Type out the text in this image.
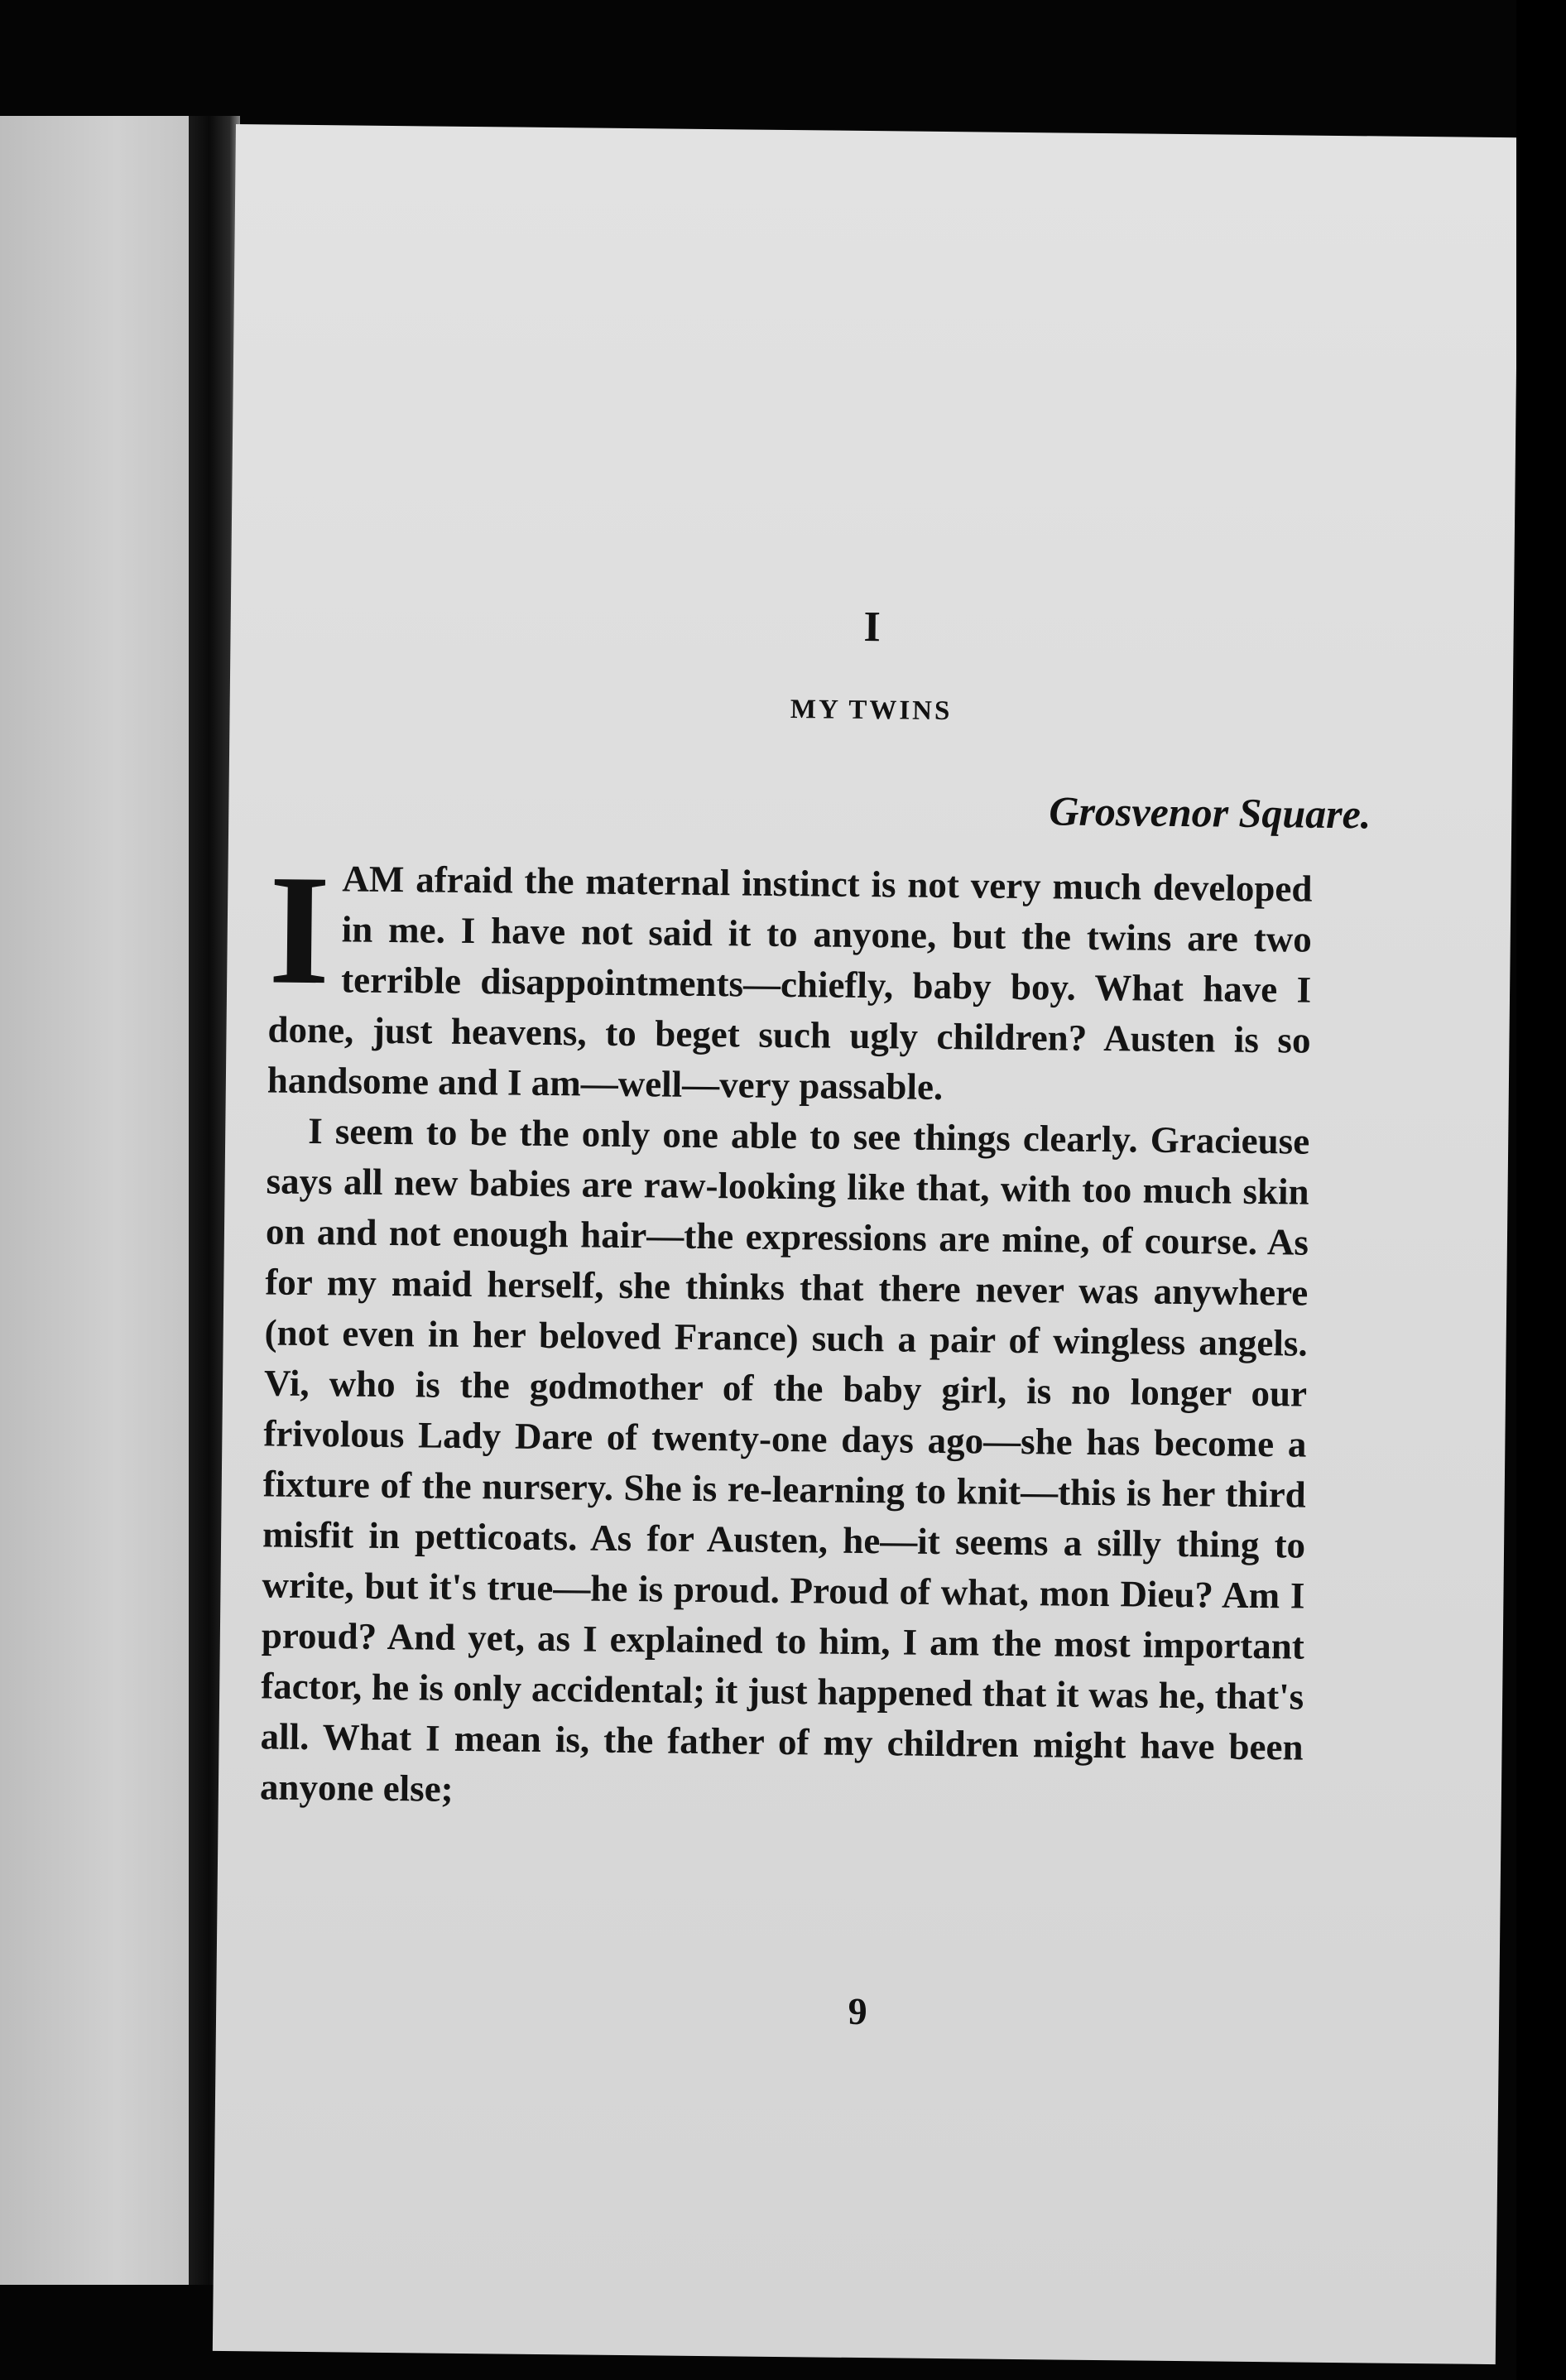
I
MY TWINS
Grosvenor Square.

IAM afraid the maternal instinct is not very much developed in me. I have not said it to anyone, but the twins are two terrible disappointments—chiefly, baby boy. What have I done, just heavens, to beget such ugly children? Austen is so handsome and I am—well—very passable.

I seem to be the only one able to see things clearly. Gracieuse says all new babies are raw-looking like that, with too much skin on and not enough hair—the expressions are mine, of course. As for my maid herself, she thinks that there never was anywhere (not even in her beloved France) such a pair of wingless angels. Vi, who is the godmother of the baby girl, is no longer our frivolous Lady Dare of twenty-one days ago—she has become a fixture of the nursery. She is re-learning to knit—this is her third misfit in petticoats. As for Austen, he—it seems a silly thing to write, but it's true—he is proud. Proud of what, mon Dieu? Am I proud? And yet, as I explained to him, I am the most important factor, he is only accidental; it just happened that it was he, that's all. What I mean is, the father of my children might have been anyone else;

9
